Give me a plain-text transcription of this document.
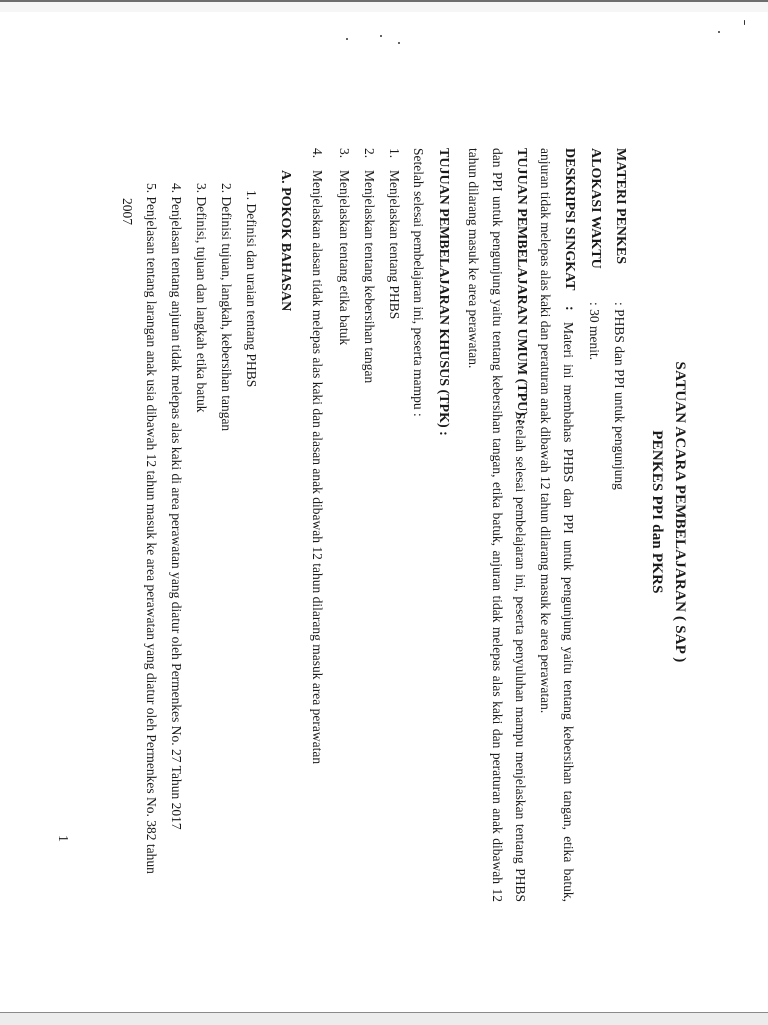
SATUAN ACARA PEMBELAJARAN ( SAP )
PENKES PPI dan PKRS
MATERI PENKES
: PHBS dan PPI untuk pengunjung
ALOKASI WAKTU
: 30 menit.
DESKRIPSI SINGKAT
:
Materi ini membahas PHBS dan PPI untuk pengunjung yaitu tentang kebersihan tangan, etika batuk,
anjuran tidak melepas alas kaki dan peraturan anak dibawah 12 tahun dilarang masuk ke area perawatan.
TUJUAN PEMBELAJARAN UMUM (TPU) :
Setelah selesai pembelajaran ini, peserta penyuluhan mampu menjelaskan tentang PHBS
dan PPI untuk pengunjung yaitu tentang kebersihan tangan, etika batuk, anjuran tidak melepas alas kaki dan peraturan anak dibawah 12
tahun dilarang masuk ke area perawatan.
TUJUAN PEMBELAJARAN KHUSUS (TPK) :
Setelah selesai pembelajaran ini, peserta mampu :
1.Menjelaskan tentang PHBS
2.Menjelaskan tentang kebersihan tangan
3.Menjelaskan tentang etika batuk
4.Menjelaskan alasan tidak melepas alas kaki dan alasan anak dibawah 12 tahun dilarang masuk area perawatan
A. POKOK BAHASAN
1. Definisi dan uraian tentang PHBS
2. Definisi tujuan, langkah, kebersihan tangan
3. Definisi, tujuan dan langkah etika batuk
4. Penjelasan tentang anjuran tidak melepas alas kaki di area perawatan yang diatur oleh Permenkes No. 27 Tahun 2017
5. Penjelasan tentang larangan anak usia dibawah 12 tahun masuk ke area perawatan yang diatur oleh Permenkes No. 382 tahun
2007
1
